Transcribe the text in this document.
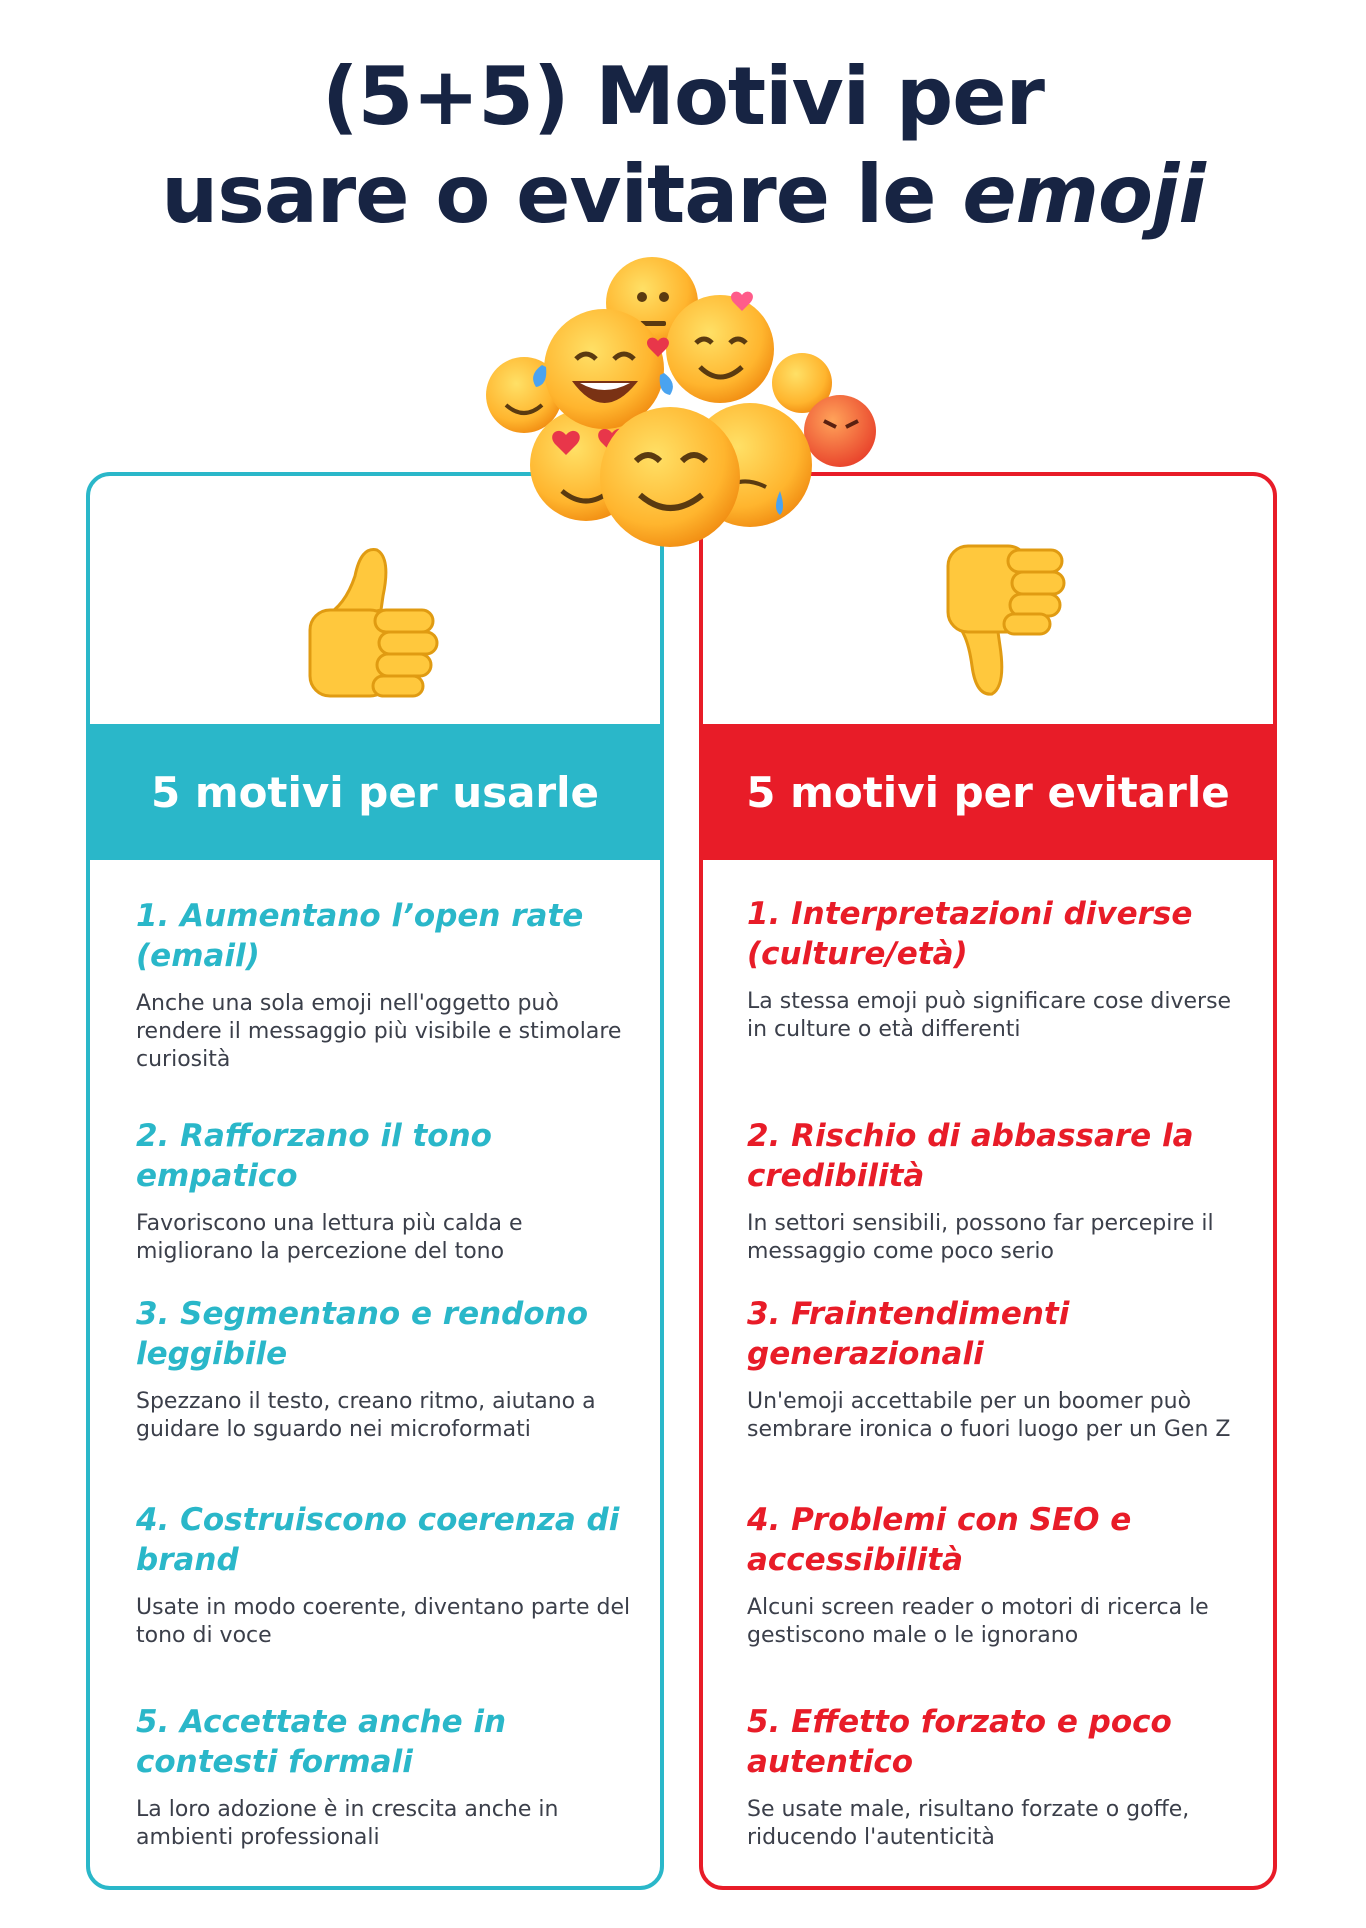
(5+5) Motivi per
usare o evitare le emoji
5 motivi per usarle
1. Aumentano l’open rate (email)

Anche una sola emoji nell'oggetto può rendere il messaggio più visibile e stimolare curiosità

2. Rafforzano il tono empatico

Favoriscono una lettura più calda e migliorano la percezione del tono

3. Segmentano e rendono leggibile

Spezzano il testo, creano ritmo, aiutano a guidare lo sguardo nei microformati

4. Costruiscono coerenza di brand

Usate in modo coerente, diventano parte del tono di voce

5. Accettate anche in contesti formali

La loro adozione è in crescita anche in ambienti professionali

5 motivi per evitarle
1. Interpretazioni diverse (culture/età)

La stessa emoji può significare cose diverse in culture o età differenti

2. Rischio di abbassare la credibilità

In settori sensibili, possono far percepire il messaggio come poco serio

3. Fraintendimenti generazionali

Un'emoji accettabile per un boomer può sembrare ironica o fuori luogo per un Gen Z

4. Problemi con SEO e accessibilità

Alcuni screen reader o motori di ricerca le gestiscono male o le ignorano

5. Effetto forzato e poco autentico

Se usate male, risultano forzate o goffe, riducendo l'autenticità
